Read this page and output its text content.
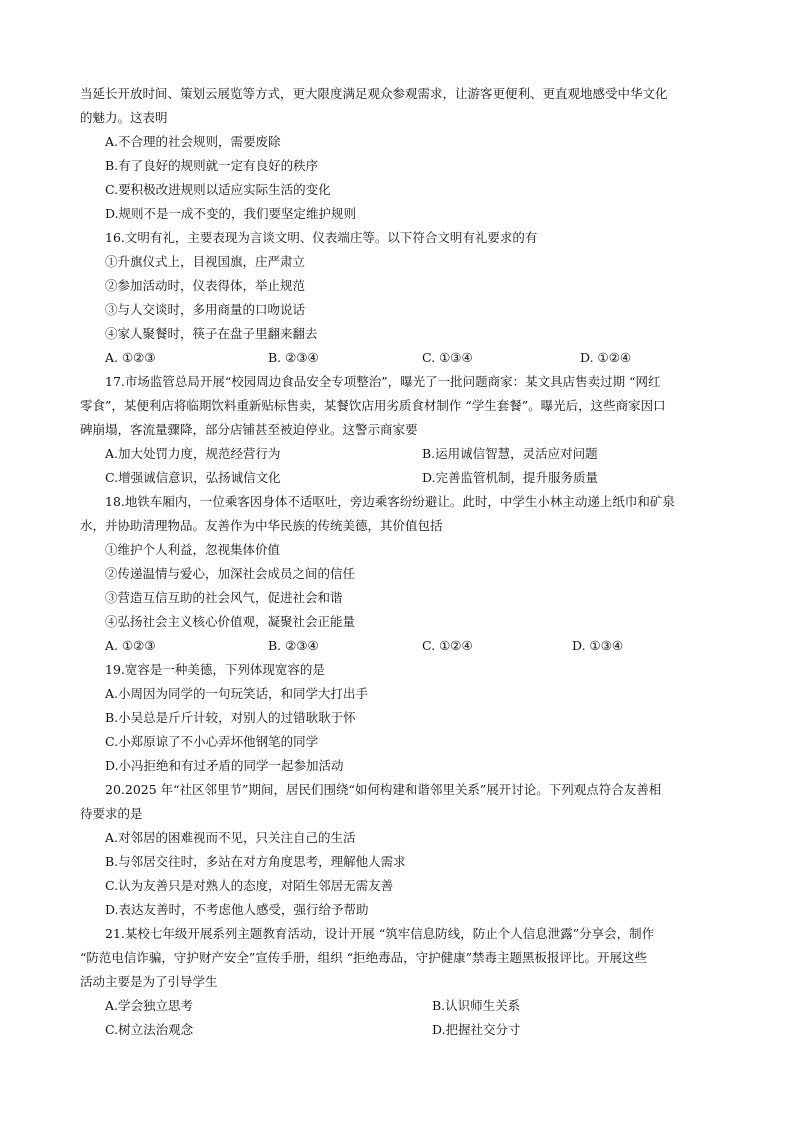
当延长开放时间、策划云展览等方式，更大限度满足观众参观需求，让游客更便利、更直观地感受中华文化
的魅力。这表明
A.不合理的社会规则，需要废除
B.有了良好的规则就一定有良好的秩序
C.要积极改进规则以适应实际生活的变化
D.规则不是一成不变的，我们要坚定维护规则
16.文明有礼，主要表现为言谈文明、仪表端庄等。以下符合文明有礼要求的有
①升旗仪式上，目视国旗，庄严肃立
②参加活动时，仪表得体，举止规范
③与人交谈时，多用商量的口吻说话
④家人聚餐时，筷子在盘子里翻来翻去
A. ①②③	B. ②③④	C. ①③④	D. ①②④
17.市场监管总局开展“校园周边食品安全专项整治”，曝光了一批问题商家：某文具店售卖过期 “网红
零食”，某便利店将临期饮料重新贴标售卖，某餐饮店用劣质食材制作 “学生套餐”。曝光后，这些商家因口
碑崩塌，客流量骤降，部分店铺甚至被迫停业。这警示商家要
A.加大处罚力度，规范经营行为	B.运用诚信智慧，灵活应对问题
C.增强诚信意识，弘扬诚信文化	D.完善监管机制，提升服务质量
18.地铁车厢内，一位乘客因身体不适呕吐，旁边乘客纷纷避让。此时，中学生小林主动递上纸巾和矿泉
水，并协助清理物品。友善作为中华民族的传统美德，其价值包括
①维护个人利益，忽视集体价值
②传递温情与爱心，加深社会成员之间的信任
③营造互信互助的社会风气，促进社会和谐
④弘扬社会主义核心价值观，凝聚社会正能量
A. ①②③	B. ②③④	C. ①②④	D. ①③④
19.宽容是一种美德，下列体现宽容的是
A.小周因为同学的一句玩笑话，和同学大打出手
B.小吴总是斤斤计较，对别人的过错耿耿于怀
C.小郑原谅了不小心弄坏他钢笔的同学
D.小冯拒绝和有过矛盾的同学一起参加活动
20.2025 年“社区邻里节”期间，居民们围绕“如何构建和谐邻里关系”展开讨论。下列观点符合友善相
待要求的是
A.对邻居的困难视而不见，只关注自己的生活
B.与邻居交往时，多站在对方角度思考，理解他人需求
C.认为友善只是对熟人的态度，对陌生邻居无需友善
D.表达友善时，不考虑他人感受，强行给予帮助
21.某校七年级开展系列主题教育活动，设计开展 “筑牢信息防线，防止个人信息泄露”分享会，制作
“防范电信诈骗，守护财产安全”宣传手册，组织 “拒绝毒品，守护健康”禁毒主题黑板报评比。开展这些
活动主要是为了引导学生
A.学会独立思考	B.认识师生关系
C.树立法治观念	D.把握社交分寸
